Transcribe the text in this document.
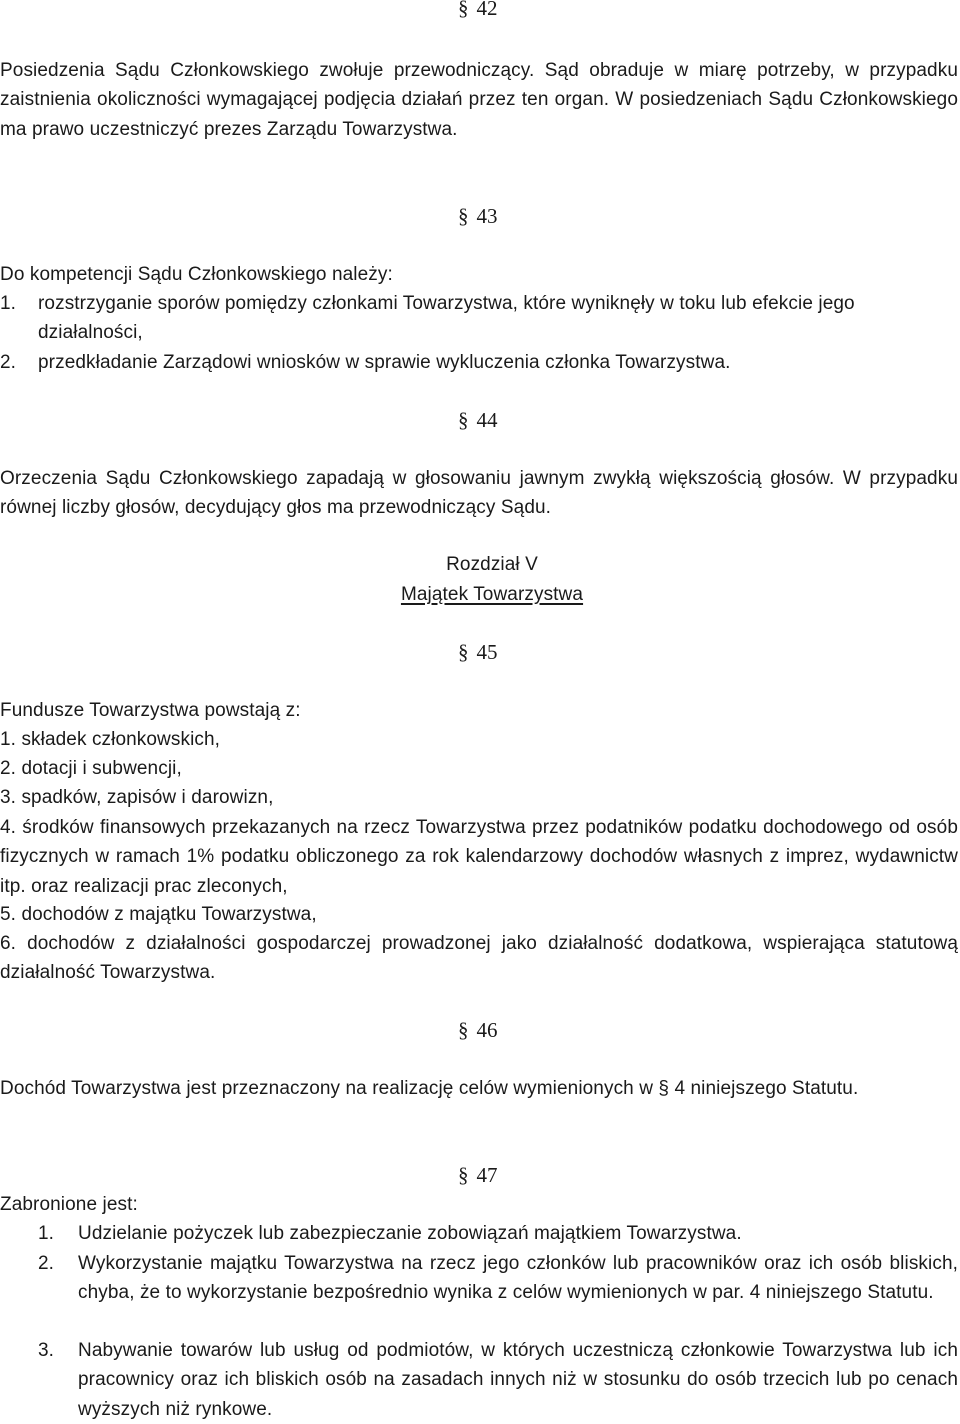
§ 42

Posiedzenia Sądu Członkowskiego zwołuje przewodniczący. Sąd obraduje w miarę potrzeby, w przypadku zaistnienia okoliczności wymagającej podjęcia działań przez ten organ. W posiedzeniach Sądu Członkowskiego ma prawo uczestniczyć prezes Zarządu Towarzystwa.

§ 43

Do kompetencji Sądu Członkowskiego należy:

1. rozstrzyganie sporów pomiędzy członkami Towarzystwa, które wyniknęły w toku lub efekcie jego działalności,

2. przedkładanie Zarządowi wniosków w sprawie wykluczenia członka Towarzystwa.

§ 44

Orzeczenia Sądu Członkowskiego zapadają w głosowaniu jawnym zwykłą większością głosów. W przypadku równej liczby głosów, decydujący głos ma przewodniczący Sądu.

Rozdział V
Majątek Towarzystwa
§ 45

Fundusze Towarzystwa powstają z:

1. składek członkowskich,
2. dotacji i subwencji,
3. spadków, zapisów i darowizn,
4. środków finansowych przekazanych na rzecz Towarzystwa przez podatników podatku dochodowego od osób fizycznych w ramach 1% podatku obliczonego za rok kalendarzowy dochodów własnych z imprez, wydawnictw itp. oraz realizacji prac zleconych,
5. dochodów z majątku Towarzystwa,
6. dochodów z działalności gospodarczej prowadzonej jako działalność dodatkowa, wspierająca statutową działalność Towarzystwa.
§ 46

Dochód Towarzystwa jest przeznaczony na realizację celów wymienionych w § 4 niniejszego Statutu.

§ 47

Zabronione jest:

1. Udzielanie pożyczek lub zabezpieczanie zobowiązań majątkiem Towarzystwa.

2. Wykorzystanie majątku Towarzystwa na rzecz jego członków lub pracowników oraz ich osób bliskich, chyba, że to wykorzystanie bezpośrednio wynika z celów wymienionych w par. 4 niniejszego Statutu.

3. Nabywanie towarów lub usług od podmiotów, w których uczestniczą członkowie Towarzystwa lub ich pracownicy oraz ich bliskich osób na zasadach innych niż w stosunku do osób trzecich lub po cenach wyższych niż rynkowe.
